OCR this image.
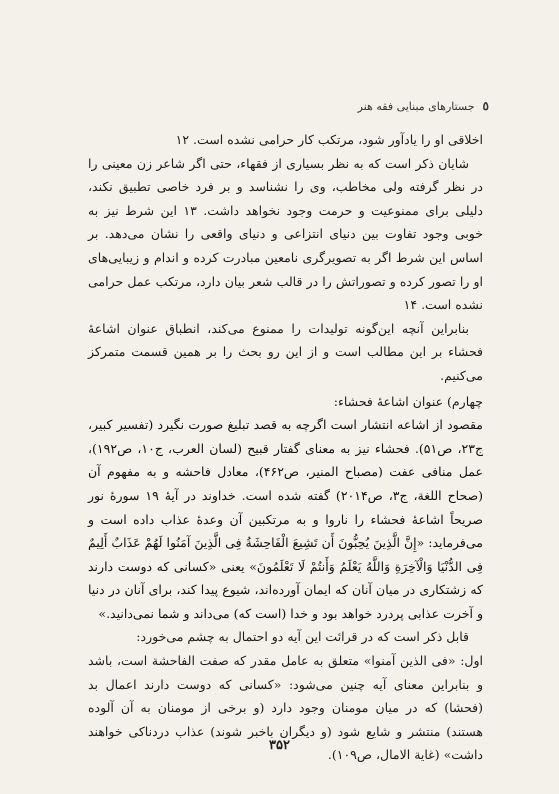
٥
جستارهای مبنایی فقه هنر

اخلاقی او را یادآور شود، مرتکب کار حرامی نشده است. ۱۲

شایان ذکر است که به نظر بسیاری از فقهاء، حتی اگر شاعر زن معینی را در نظر گرفته ولی مخاطب، وی را نشناسد و بر فرد خاصی تطبیق نکند، دلیلی برای ممنوعیت و حرمت وجود نخواهد داشت. ۱۳ این شرط نیز به خوبی وجود تفاوت بین دنیای انتزاعی و دنیای واقعی را نشان می‌دهد. بر اساس این شرط اگر به تصویرگری نامعین مبادرت کرده و اندام و زیبایی‌های او را تصور کرده و تصوراتش را در قالب شعر بیان دارد، مرتکب عمل حرامی نشده است. ۱۴

بنابراین آنچه این‌گونه تولیدات را ممنوع می‌کند، انطباق عنوان اشاعهٔ فحشاء بر این مطالب است و از این رو بحث را بر همین قسمت متمرکز می‌کنیم.

چهارم) عنوان اشاعهٔ فحشاء:

مقصود از اشاعه انتشار است اگرچه به قصد تبلیغ صورت نگیرد (تفسیر کبیر، ج۲۳، ص۵۱). فحشاء نیز به معنای گفتار قبیح (لسان العرب، ج۱۰، ص۱۹۲)، عمل منافی عفت (مصباح المنیر، ص۴۶۲)، معادل فاحشه و به مفهوم آن (صحاح اللغة، ج۳، ص۲۰۱۴) گفته شده است. خداوند در آیهٔ ۱۹ سورهٔ نور صریحاً اشاعهٔ فحشاء را ناروا و به مرتکبین آن وعدهٔ عذاب داده است و می‌فرماید: «إِنَّ الَّذِینَ یُحِبُّونَ أَن تَشِیعَ الْفَاحِشَةُ فِی الَّذِینَ آمَنُوا لَهُمْ عَذَابٌ أَلِیمٌ فِی الدُّنْیَا وَالْآخِرَةِ وَاللَّهُ یَعْلَمُ وَأَنتُمْ لَا تَعْلَمُونَ» یعنی «کسانی که دوست دارند که زشتکاری در میان آنان که ایمان آورده‌اند، شیوع پیدا کند، برای آنان در دنیا و آخرت عذابی پردرد خواهد بود و خدا (است که) می‌داند و شما نمی‌دانید.»

قابل ذکر است که در قرائت این آیه دو احتمال به چشم می‌خورد:

اول: «فی الذین آمنوا» متعلق به عامل مقدر که صفت الفاحشة است، باشد و بنابراین معنای آیه چنین می‌شود: «کسانی که دوست دارند اعمال بد (فحشا) که در میان مومنان وجود دارد (و برخی از مومنان به آن آلوده هستند) منتشر و شایع شود (و دیگران باخبر شوند) عذاب دردناکی خواهند داشت» (غایة الامال، ص۱۰۹).

۳۵۲
